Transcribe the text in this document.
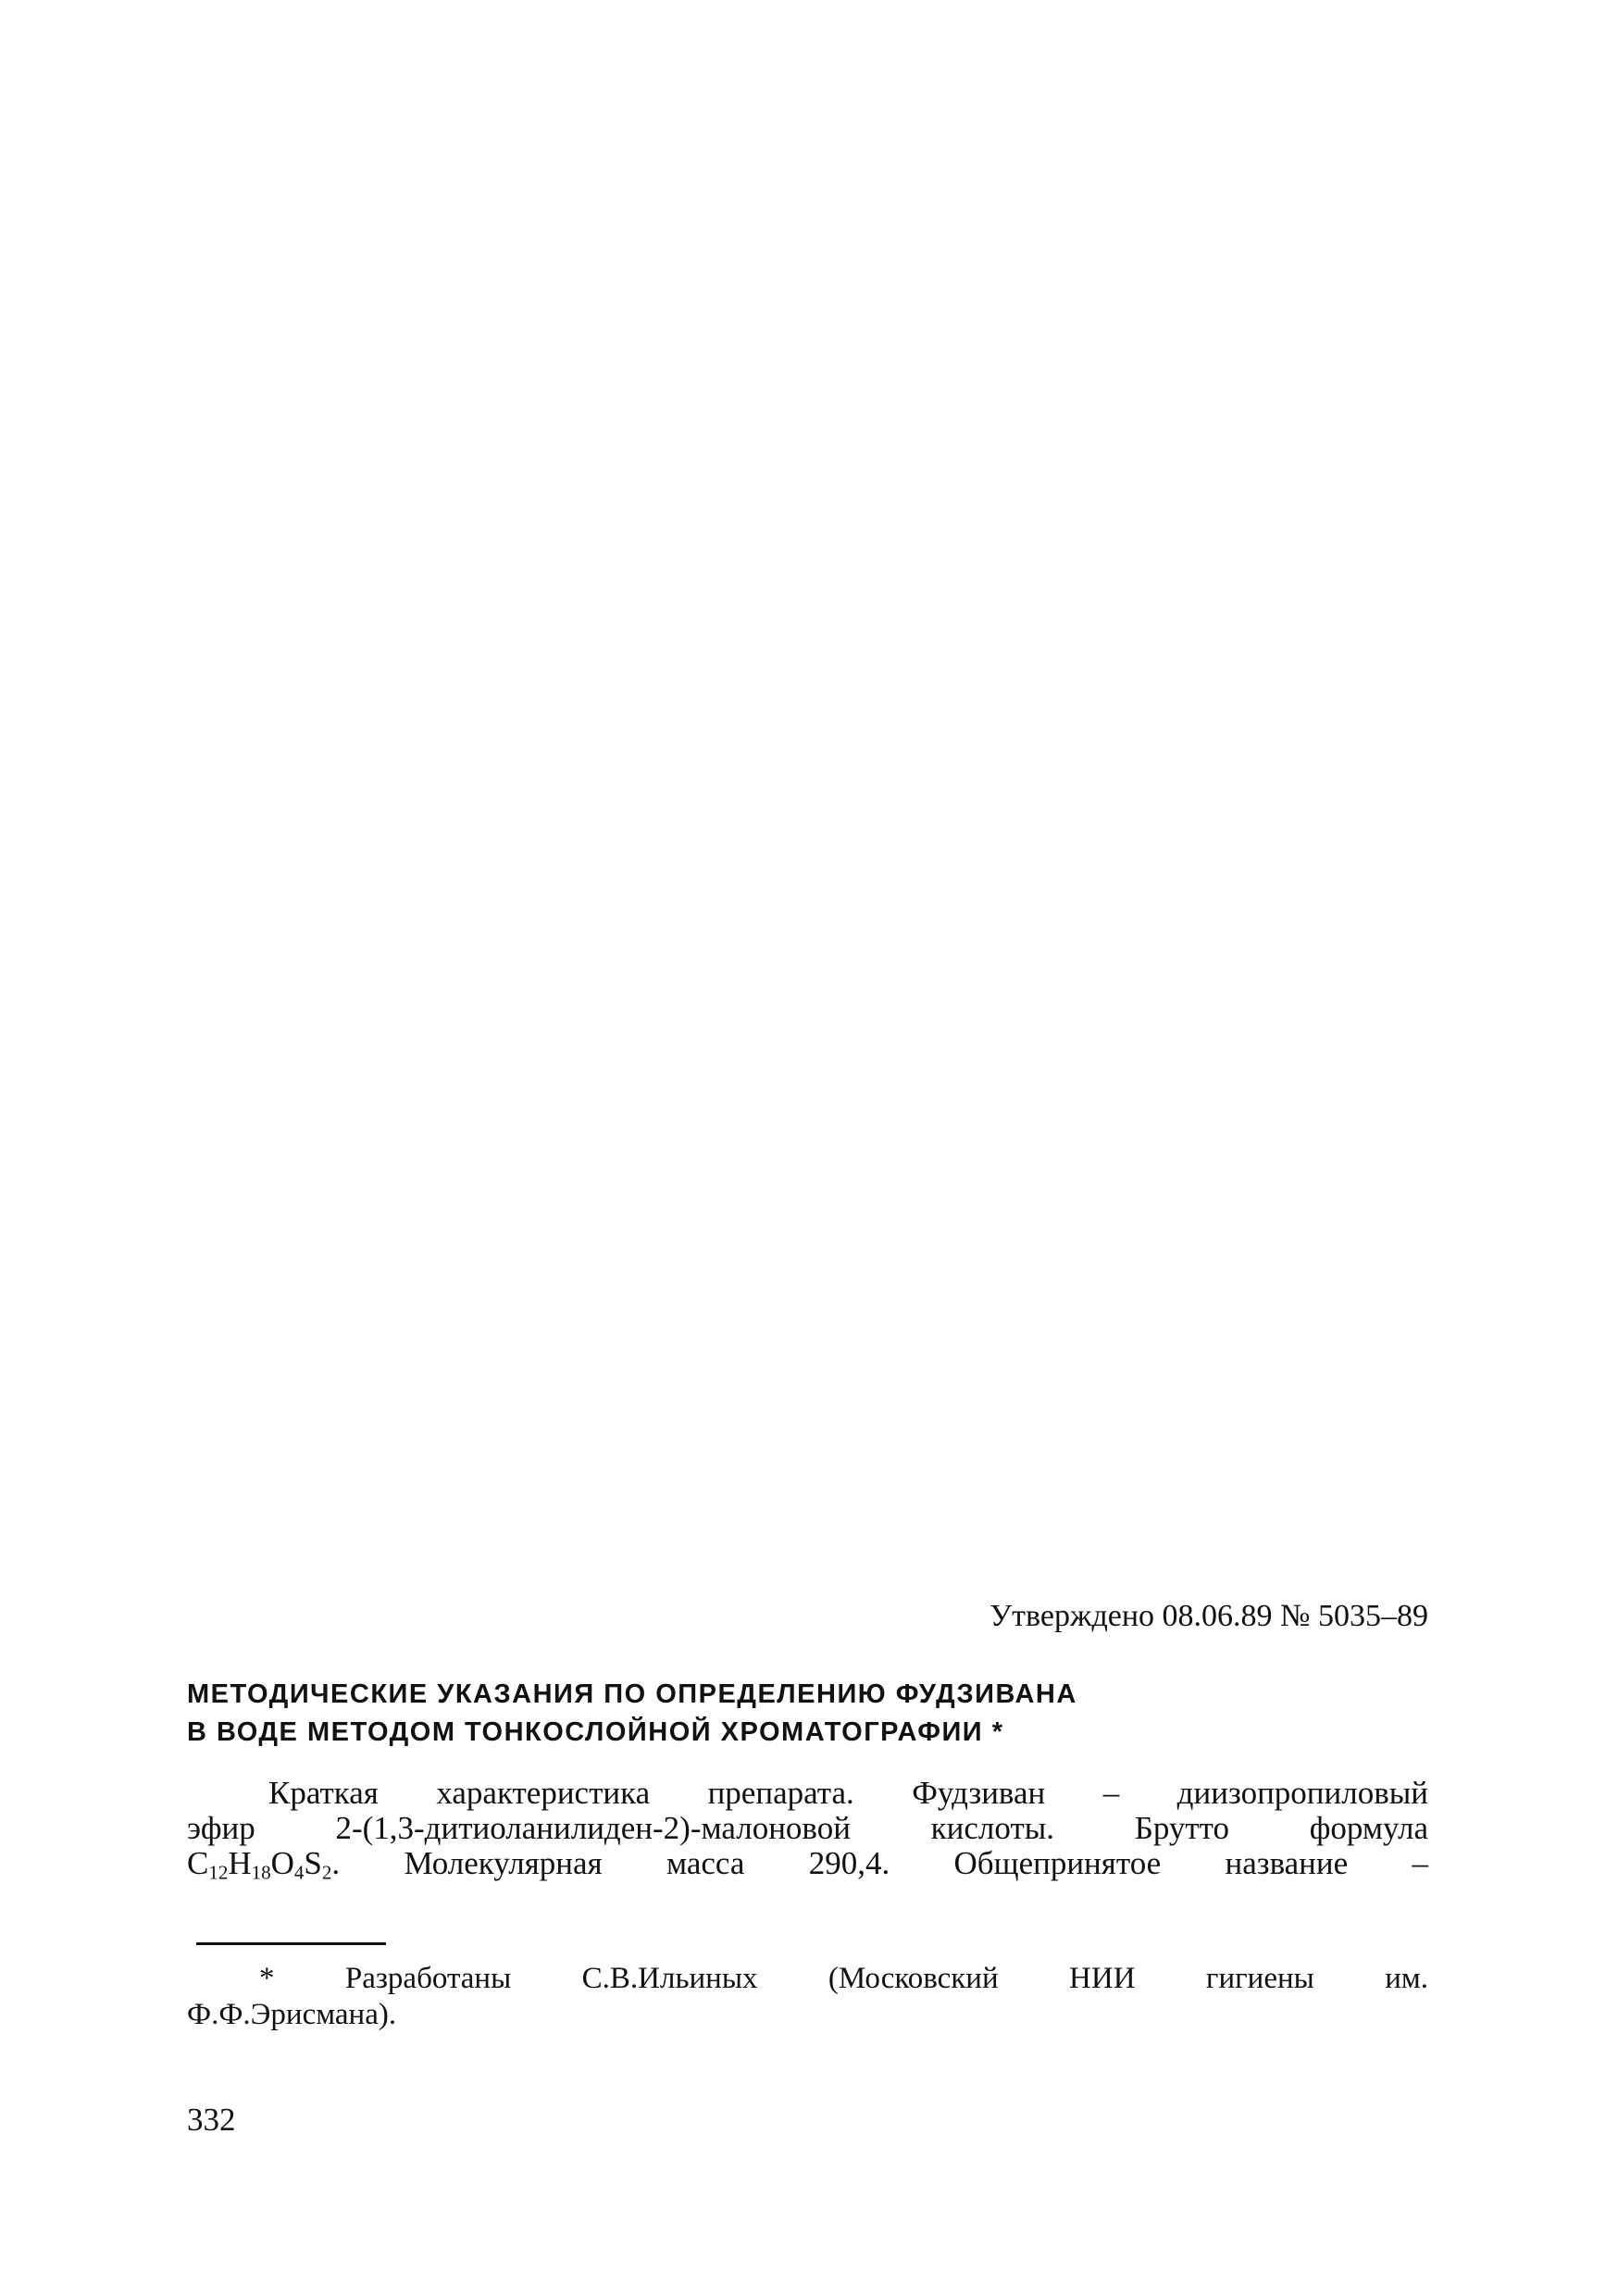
Утверждено 08.06.89 № 5035–89
МЕТОДИЧЕСКИЕ УКАЗАНИЯ ПО ОПРЕДЕЛЕНИЮ ФУДЗИВАНА
В ВОДЕ МЕТОДОМ ТОНКОСЛОЙНОЙ ХРОМАТОГРАФИИ *
Краткая характеристика препарата. Фудзиван – диизопропиловый
эфир 2-(1,3-дитиоланилиден-2)-малоновой кислоты. Брутто формула
$C_{12}H_{18}O_4S_2$. Молекулярная масса 290,4. Общепринятое название –
* Разработаны С.В.Ильиных (Московский НИИ гигиены им.
Ф.Ф.Эрисмана).
332
